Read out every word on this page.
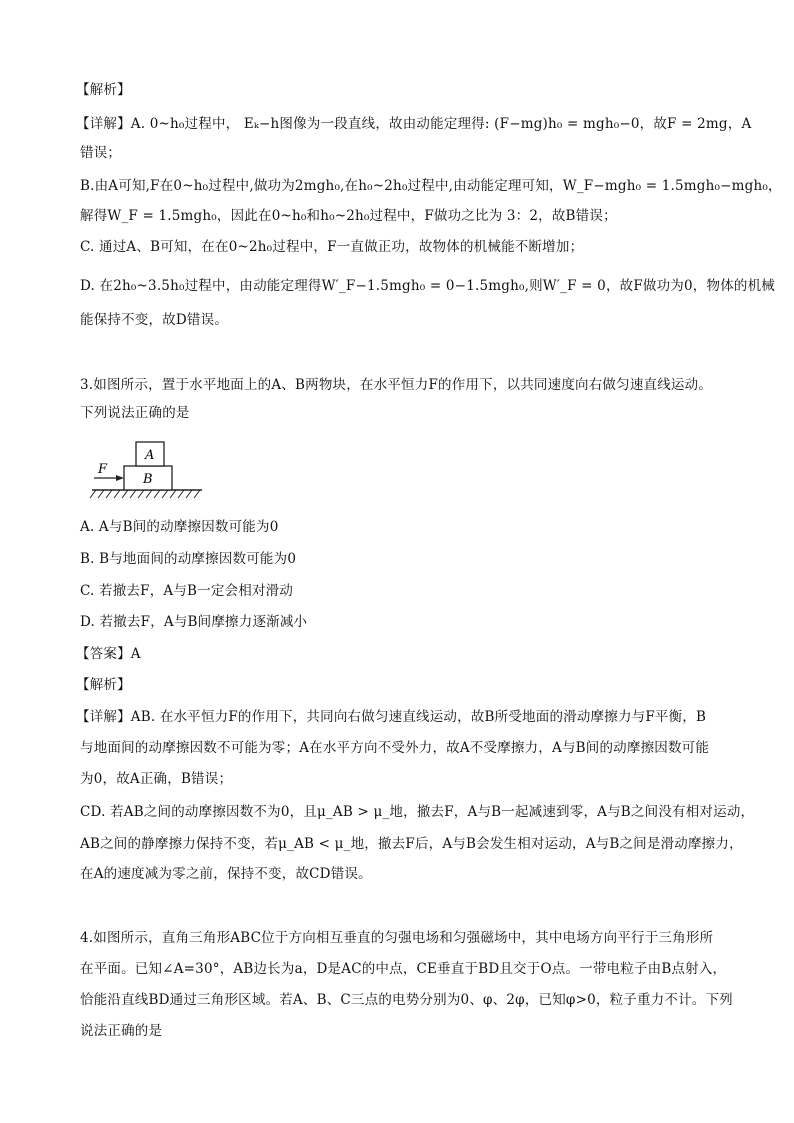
【解析】
【详解】A. 0~h₀过程中， Eₖ−h图像为一段直线，故由动能定理得: (F−mg)h₀ = mgh₀−0，故F = 2mg，A
错误；
B.由A可知,F在0~h₀过程中,做功为2mgh₀,在h₀~2h₀过程中,由动能定理可知，W_F−mgh₀ = 1.5mgh₀−mgh₀，
解得W_F = 1.5mgh₀，因此在0~h₀和h₀~2h₀过程中，F做功之比为 3：2，故B错误；
C. 通过A、B可知，在在0~2h₀过程中，F一直做正功，故物体的机械能不断增加；
D. 在2h₀~3.5h₀过程中，由动能定理得W′_F−1.5mgh₀ = 0−1.5mgh₀,则W′_F = 0，故F做功为0，物体的机械
能保持不变，故D错误。
3.如图所示，置于水平地面上的A、B两物块，在水平恒力F的作用下，以共同速度向右做匀速直线运动。
下列说法正确的是
F
A
B
A. A与B间的动摩擦因数可能为0
B. B与地面间的动摩擦因数可能为0
C. 若撤去F，A与B一定会相对滑动
D. 若撤去F，A与B间摩擦力逐渐减小
【答案】A
【解析】
【详解】AB. 在水平恒力F的作用下，共同向右做匀速直线运动，故B所受地面的滑动摩擦力与F平衡，B
与地面间的动摩擦因数不可能为零；A在水平方向不受外力，故A不受摩擦力，A与B间的动摩擦因数可能
为0，故A正确，B错误；
CD. 若AB之间的动摩擦因数不为0，且μ_AB > μ_地，撤去F，A与B一起减速到零，A与B之间没有相对运动，
AB之间的静摩擦力保持不变，若μ_AB < μ_地，撤去F后，A与B会发生相对运动，A与B之间是滑动摩擦力，
在A的速度减为零之前，保持不变，故CD错误。
4.如图所示，直角三角形ABC位于方向相互垂直的匀强电场和匀强磁场中，其中电场方向平行于三角形所
在平面。已知∠A=30°，AB边长为a，D是AC的中点，CE垂直于BD且交于O点。一带电粒子由B点射入，
恰能沿直线BD通过三角形区域。若A、B、C三点的电势分别为0、φ、2φ，已知φ>0，粒子重力不计。下列
说法正确的是
